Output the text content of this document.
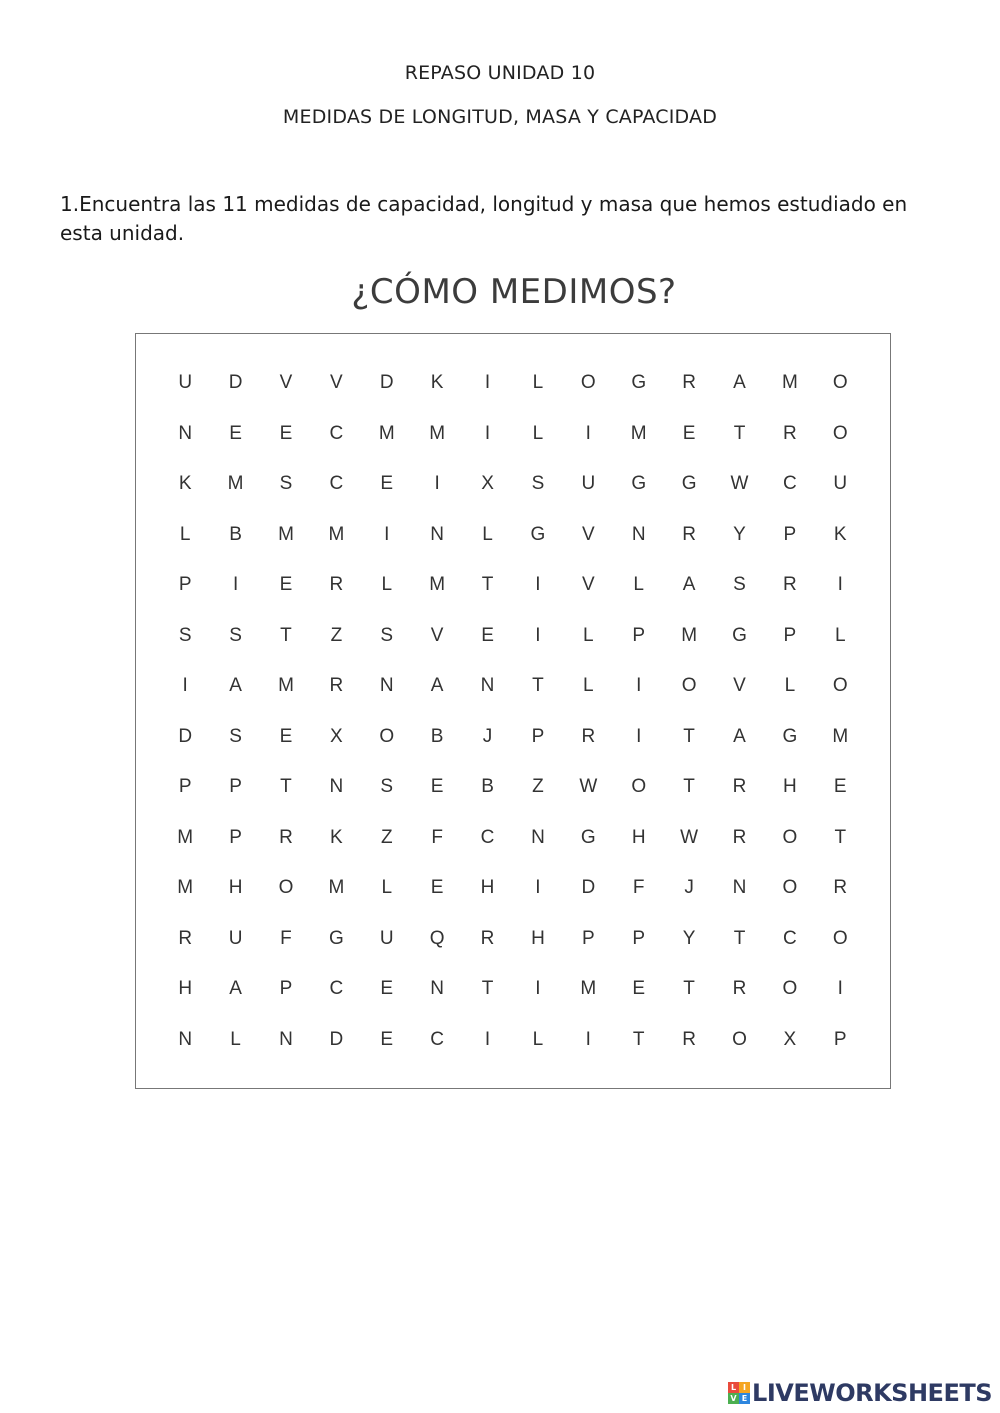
REPASO UNIDAD 10
MEDIDAS DE LONGITUD, MASA Y CAPACIDAD
1.Encuentra las 11 medidas de capacidad, longitud y masa que hemos estudiado en esta unidad.
¿CÓMO MEDIMOS?
U	D	V	V	D	K	I	L	O	G	R	A	M	O
N	E	E	C	M	M	I	L	I	M	E	T	R	O
K	M	S	C	E	I	X	S	U	G	G	W	C	U
L	B	M	M	I	N	L	G	V	N	R	Y	P	K
P	I	E	R	L	M	T	I	V	L	A	S	R	I
S	S	T	Z	S	V	E	I	L	P	M	G	P	L
I	A	M	R	N	A	N	T	L	I	O	V	L	O
D	S	E	X	O	B	J	P	R	I	T	A	G	M
P	P	T	N	S	E	B	Z	W	O	T	R	H	E
M	P	R	K	Z	F	C	N	G	H	W	R	O	T
M	H	O	M	L	E	H	I	D	F	J	N	O	R
R	U	F	G	U	Q	R	H	P	P	Y	T	C	O
H	A	P	C	E	N	T	I	M	E	T	R	O	I
N	L	N	D	E	C	I	L	I	T	R	O	X	P
L I
V E LIVEWORKSHEETS
